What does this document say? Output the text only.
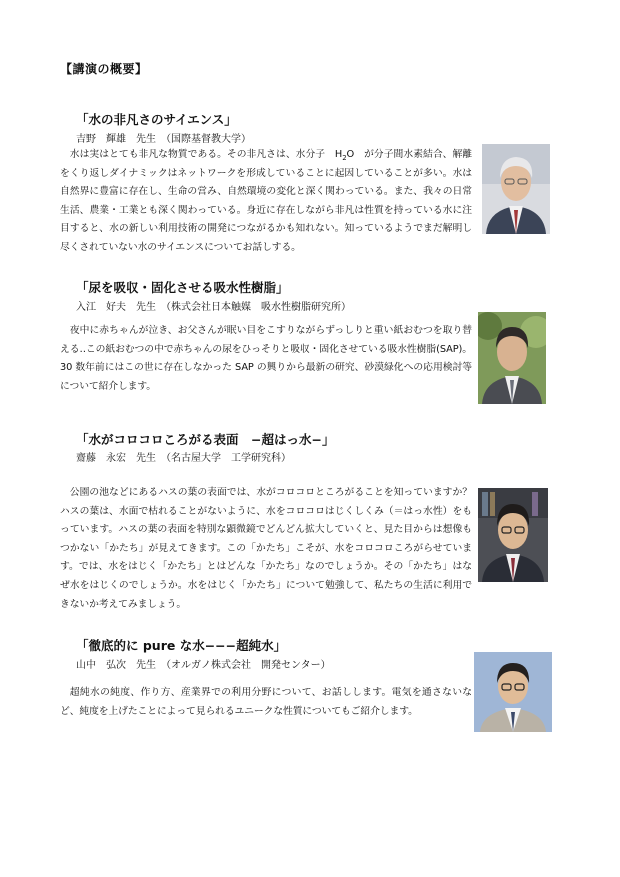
【講演の概要】
「水の非凡さのサイエンス」
吉野　輝雄　先生　（国際基督教大学）

水は実はとても非凡な物質である。その非凡さは、水分子　$H_2O$　が分子間水素結合、解離をくり返しダイナミックはネットワークを形成していることに起因していることが多い。水は自然界に豊富に存在し、生命の営み、自然環境の変化と深く関わっている。また、我々の日常生活、農業・工業とも深く関わっている。身近に存在しながら非凡は性質を持っている水に注目すると、水の新しい利用技術の開発につながるかも知れない。知っているようでまだ解明し尽くされていない水のサイエンスについてお話しする。

「尿を吸収・固化させる吸水性樹脂」
入江　好夫　先生　（株式会社日本触媒　吸水性樹脂研究所）

夜中に赤ちゃんが泣き、お父さんが眠い目をこすりながらずっしりと重い紙おむつを取り替える‥この紙おむつの中で赤ちゃんの尿をひっそりと吸収・固化させている吸水性樹脂(SAP)。30 数年前にはこの世に存在しなかった SAP の興りから最新の研究、砂漠緑化への応用検討等について紹介します。

「水がコロコロころがる表面　−超はっ水−」
齋藤　永宏　先生　（名古屋大学　工学研究科）

公園の池などにあるハスの葉の表面では、水がコロコロところがることを知っていますか？ハスの葉は、水面で枯れることがないように、水をコロコロはじくしくみ（＝はっ水性）をもっています。ハスの葉の表面を特別な顕微鏡でどんどん拡大していくと、見た目からは想像もつかない「かたち」が見えてきます。この「かたち」こそが、水をコロコロころがらせています。では、水をはじく「かたち」とはどんな「かたち」なのでしょうか。その「かたち」はなぜ水をはじくのでしょうか。水をはじく「かたち」について勉強して、私たちの生活に利用できないか考えてみましょう。

「徹底的に pure な水−−−超純水」
山中　弘次　先生　（オルガノ株式会社　開発センター）

超純水の純度、作り方、産業界での利用分野について、お話しします。電気を通さないなど、純度を上げたことによって見られるユニークな性質についてもご紹介します。
